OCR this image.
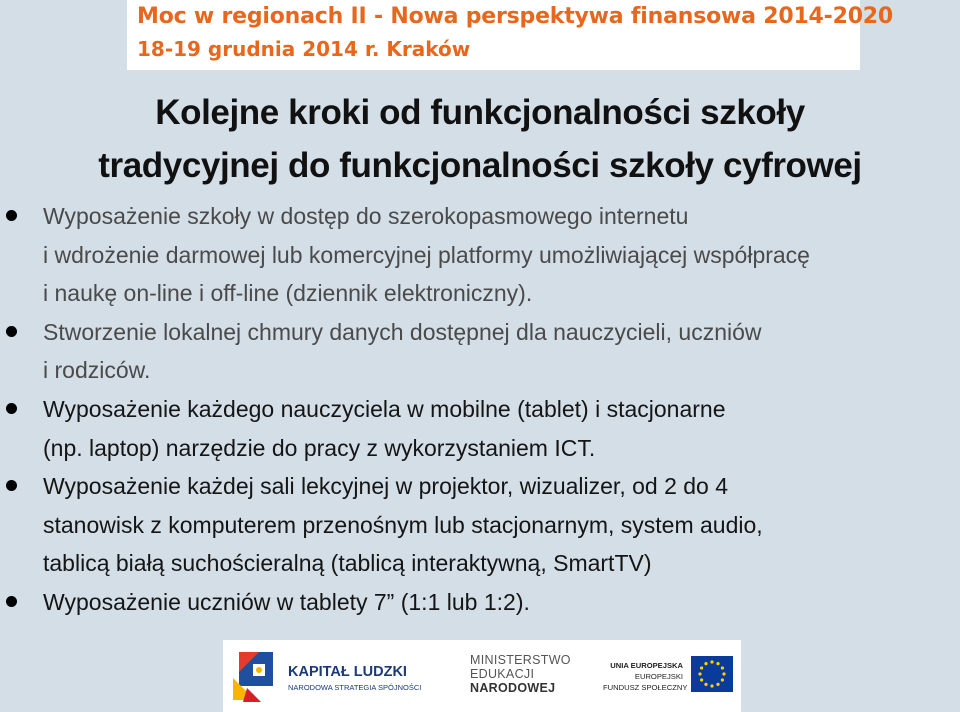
Moc w regionach II - Nowa perspektywa finansowa 2014-2020
18-19 grudnia 2014 r. Kraków
Kolejne kroki od funkcjonalności szkoły
tradycyjnej do funkcjonalności szkoły cyfrowej
Wyposażenie szkoły w dostęp do szerokopasmowego internetu
i wdrożenie darmowej lub komercyjnej platformy umożliwiającej współpracę
i naukę on-line i off-line (dziennik elektroniczny).
Stworzenie lokalnej chmury danych dostępnej dla nauczycieli, uczniów
i rodziców.
Wyposażenie każdego nauczyciela w mobilne (tablet) i stacjonarne
(np. laptop) narzędzie do pracy z wykorzystaniem ICT.
Wyposażenie każdej sali lekcyjnej w projektor, wizualizer, od 2 do 4
stanowisk z komputerem przenośnym lub stacjonarnym, system audio,
tablicą białą suchościeralną (tablicą interaktywną, SmartTV)
Wyposażenie uczniów w tablety 7” (1:1 lub 1:2).
KAPITAŁ LUDZKI
NARODOWA STRATEGIA SPÓJNOŚCI
MINISTERSTWO
EDUKACJI
NARODOWEJ
UNIA EUROPEJSKA
EUROPEJSKI
FUNDUSZ SPOŁECZNY
